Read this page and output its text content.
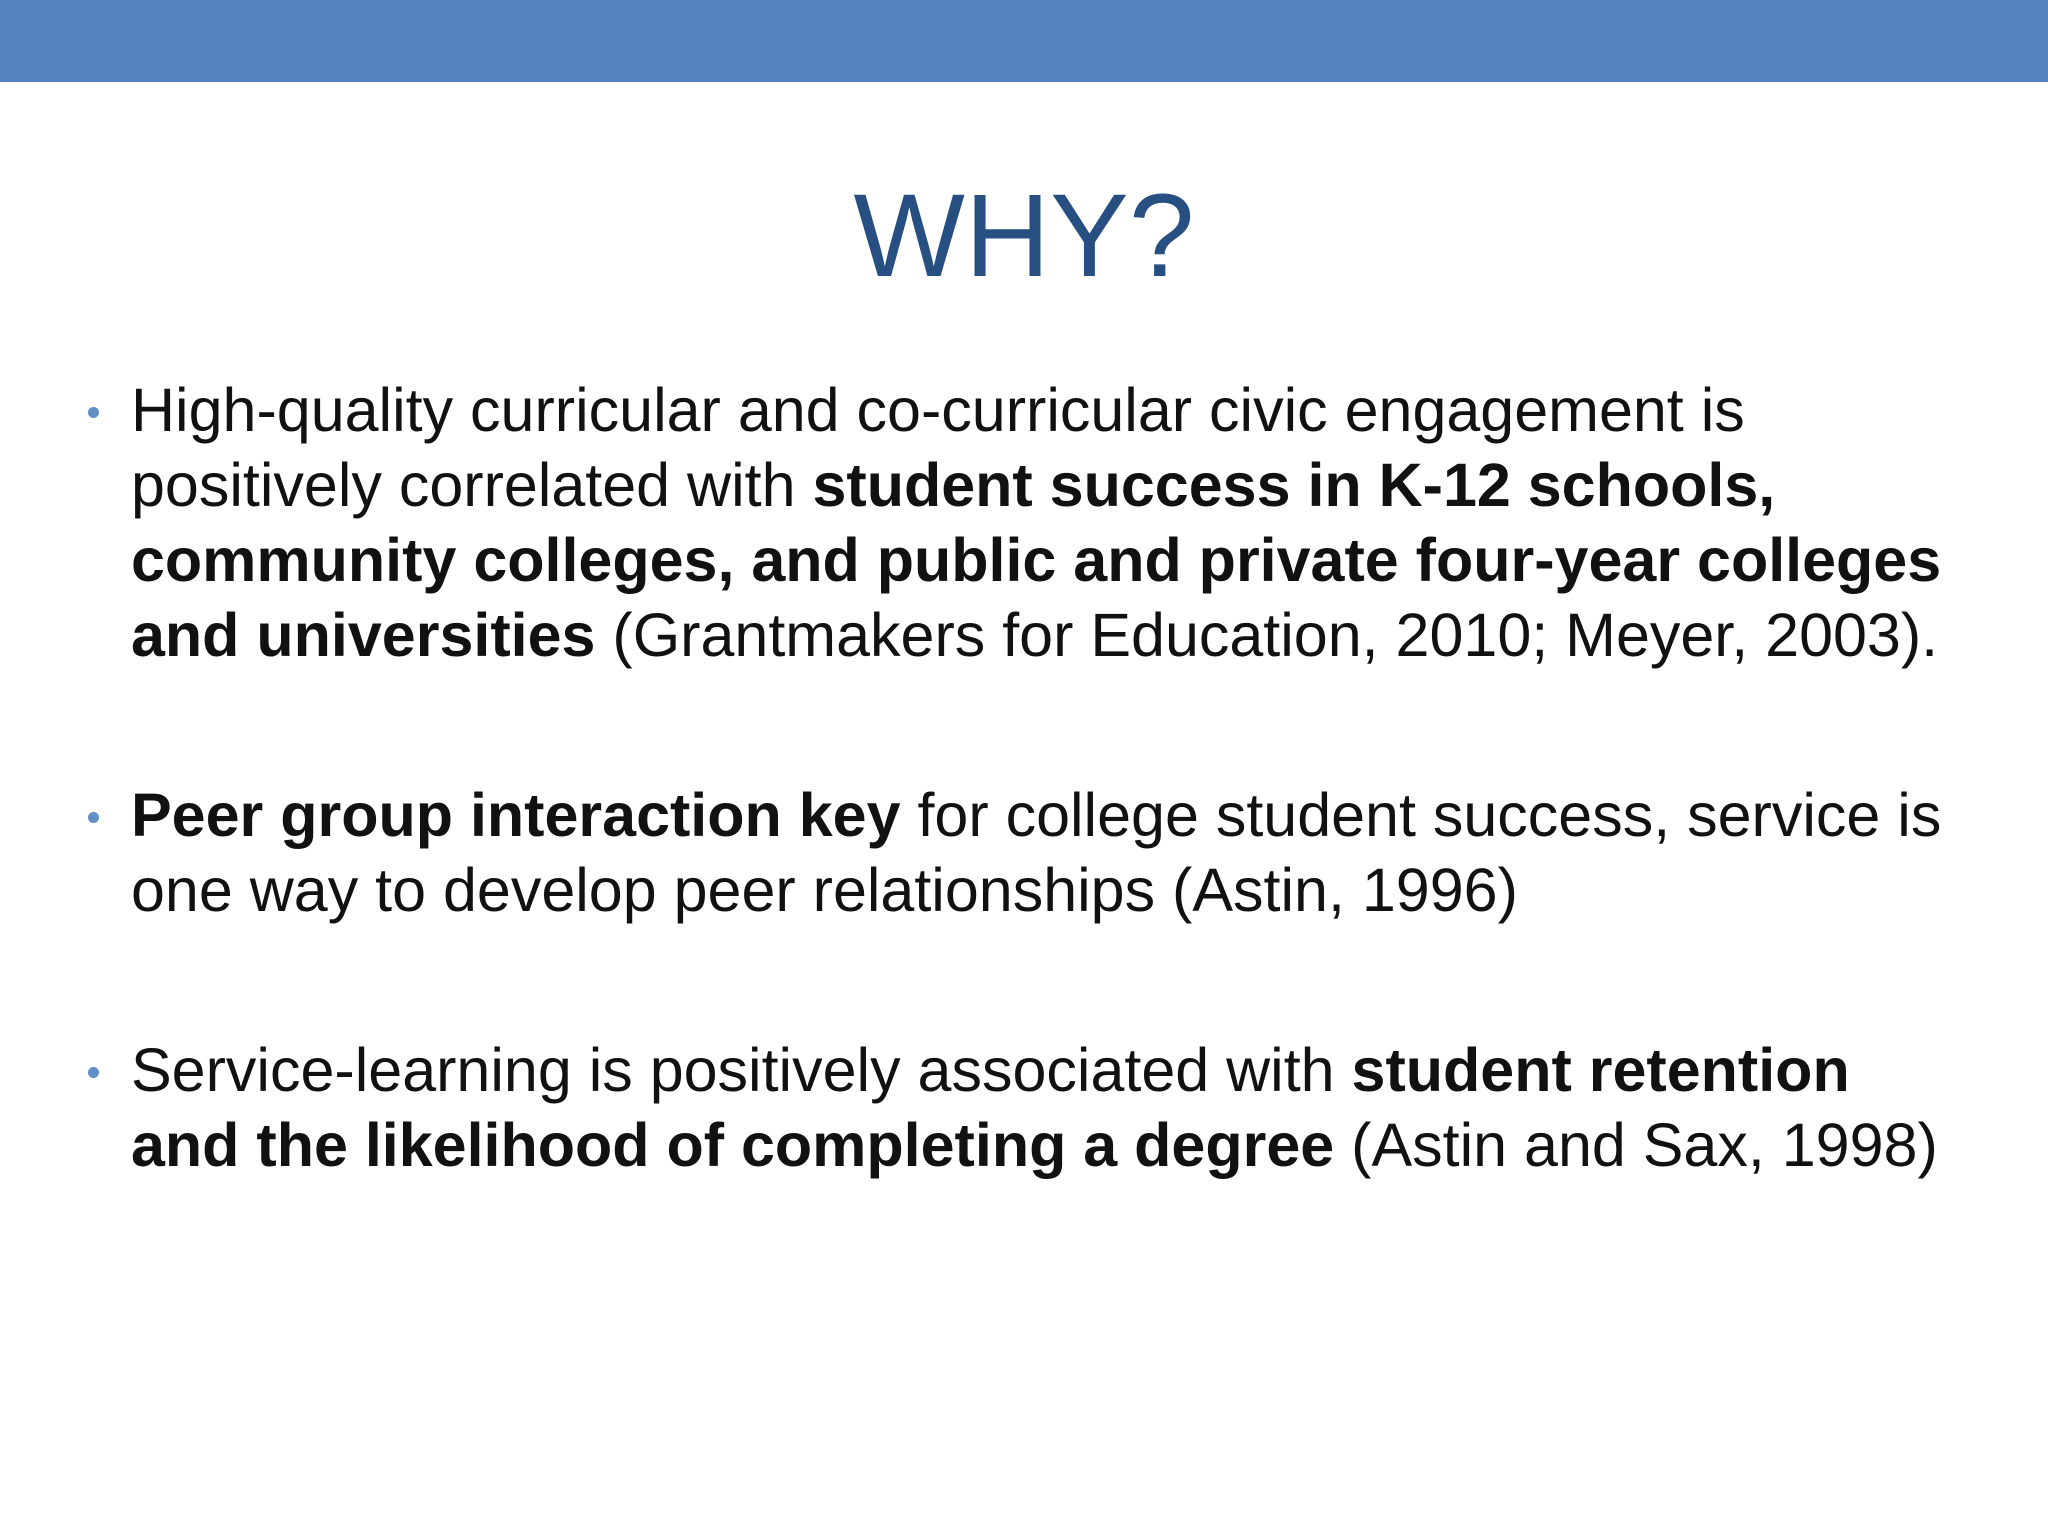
WHY?
High-quality curricular and co-curricular civic engagement is positively correlated with student success in K-12 schools, community colleges, and public and private four-year colleges and universities (Grantmakers for Education, 2010; Meyer, 2003).
Peer group interaction key for college student success, service is one way to develop peer relationships (Astin, 1996)
Service-learning is positively associated with student retention and the likelihood of completing a degree (Astin and Sax, 1998)
